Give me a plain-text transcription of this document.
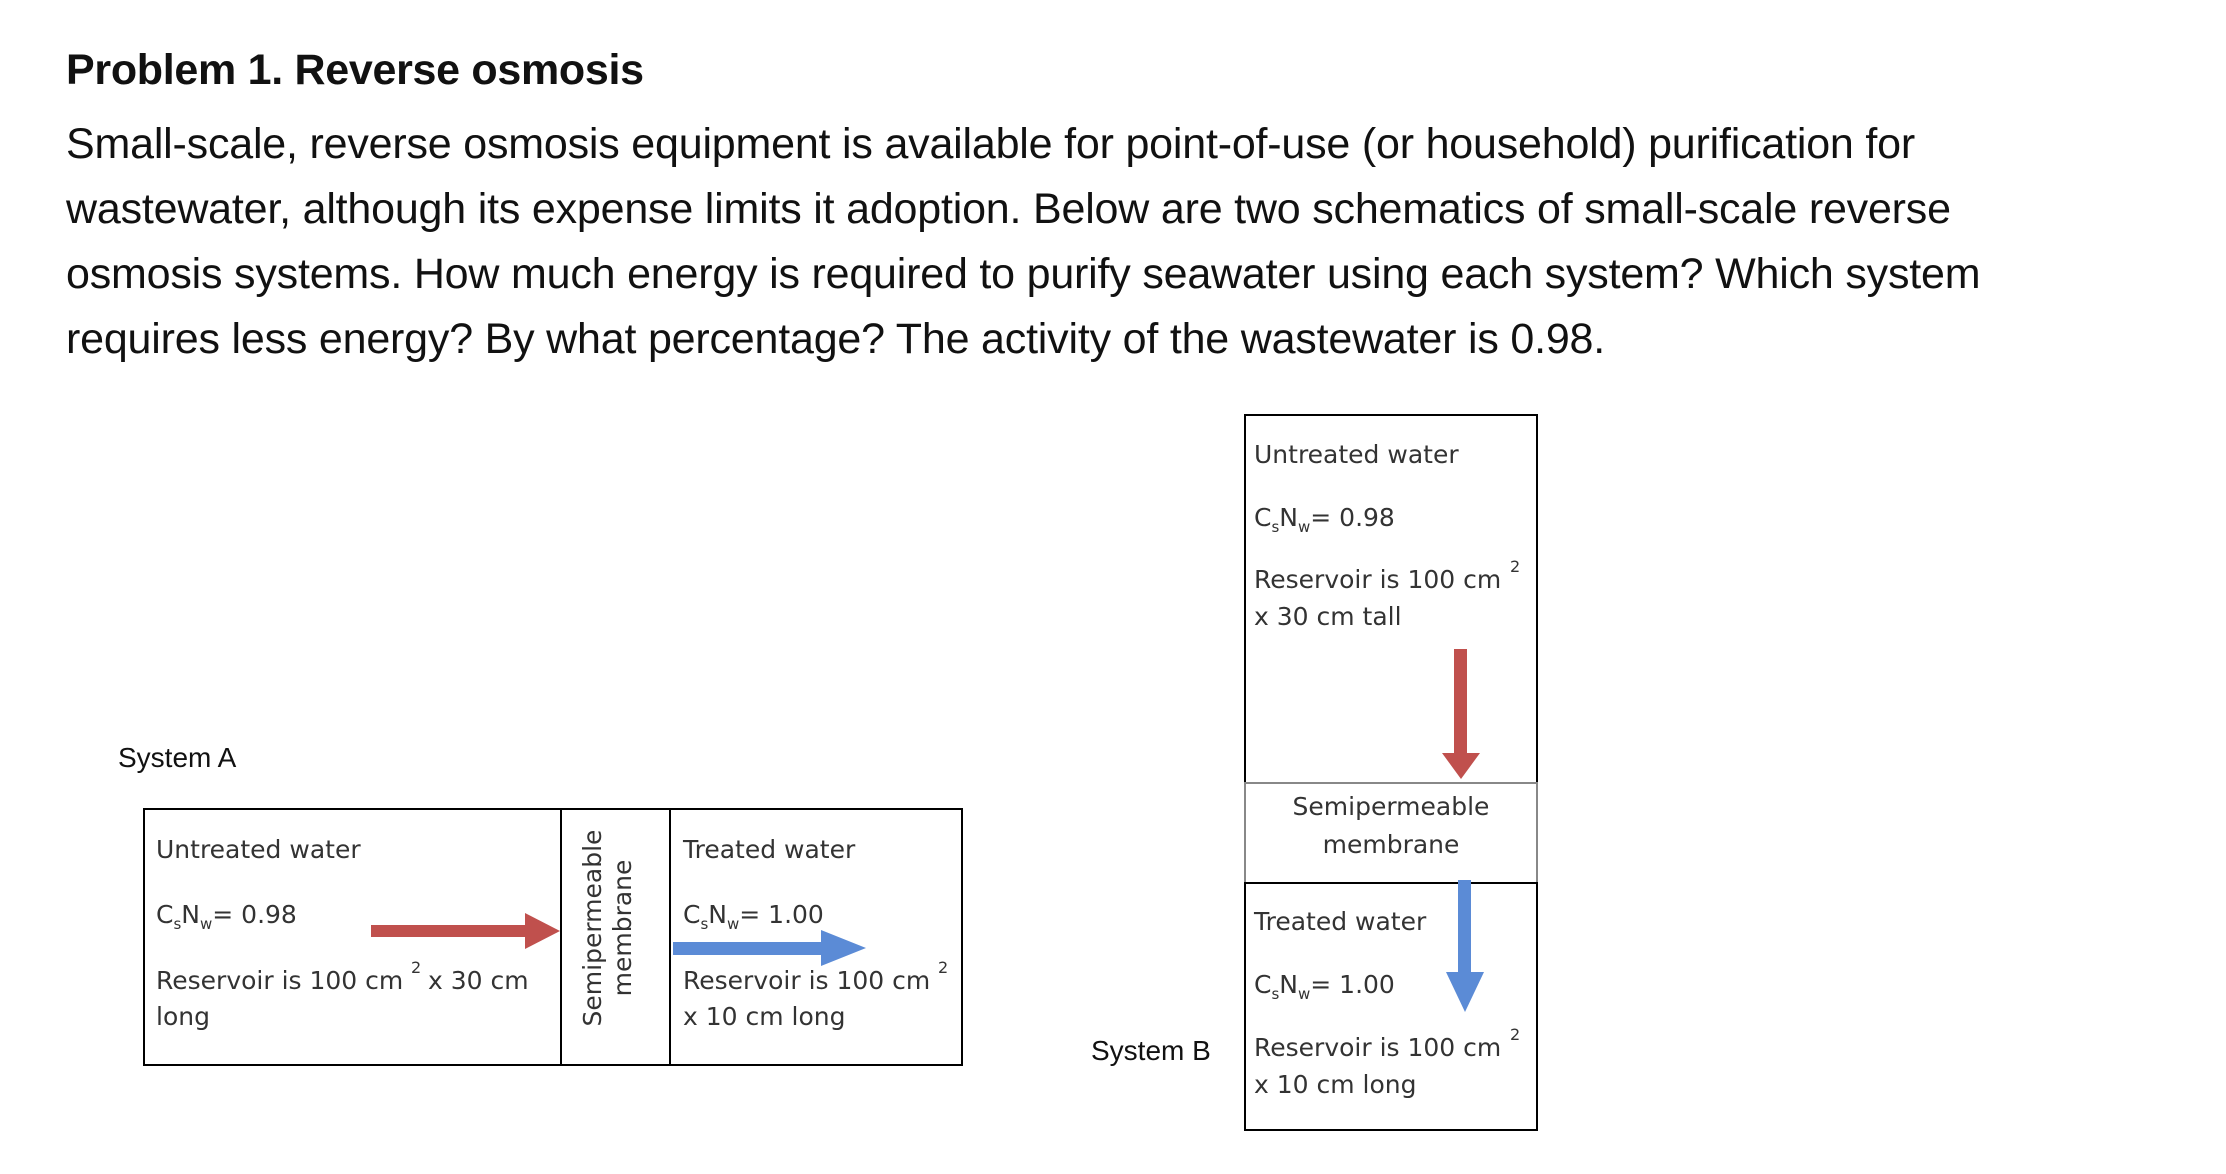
Problem 1. Reverse osmosis
Small-scale, reverse osmosis equipment is available for point-of-use (or household) purification for
wastewater, although its expense limits it adoption. Below are two schematics of small-scale reverse
osmosis systems. How much energy is required to purify seawater using each system? Which system
requires less energy? By what percentage? The activity of the wastewater is 0.98.
System A
Untreated water
$C_sN_w= 0.98$
Reservoir is 100 cm 2 x 30 cm
long	Semipermeable membrane
Treated water
$C_sN_w= 1.00$
Reservoir is 100 cm 2
x 10 cm long
System B
Untreated water
$C_sN_w= 0.98$
Reservoir is 100 cm 2
x 30 cm tall
Semipermeable
membrane
Treated water
$C_sN_w= 1.00$
Reservoir is 100 cm 2
x 10 cm long
